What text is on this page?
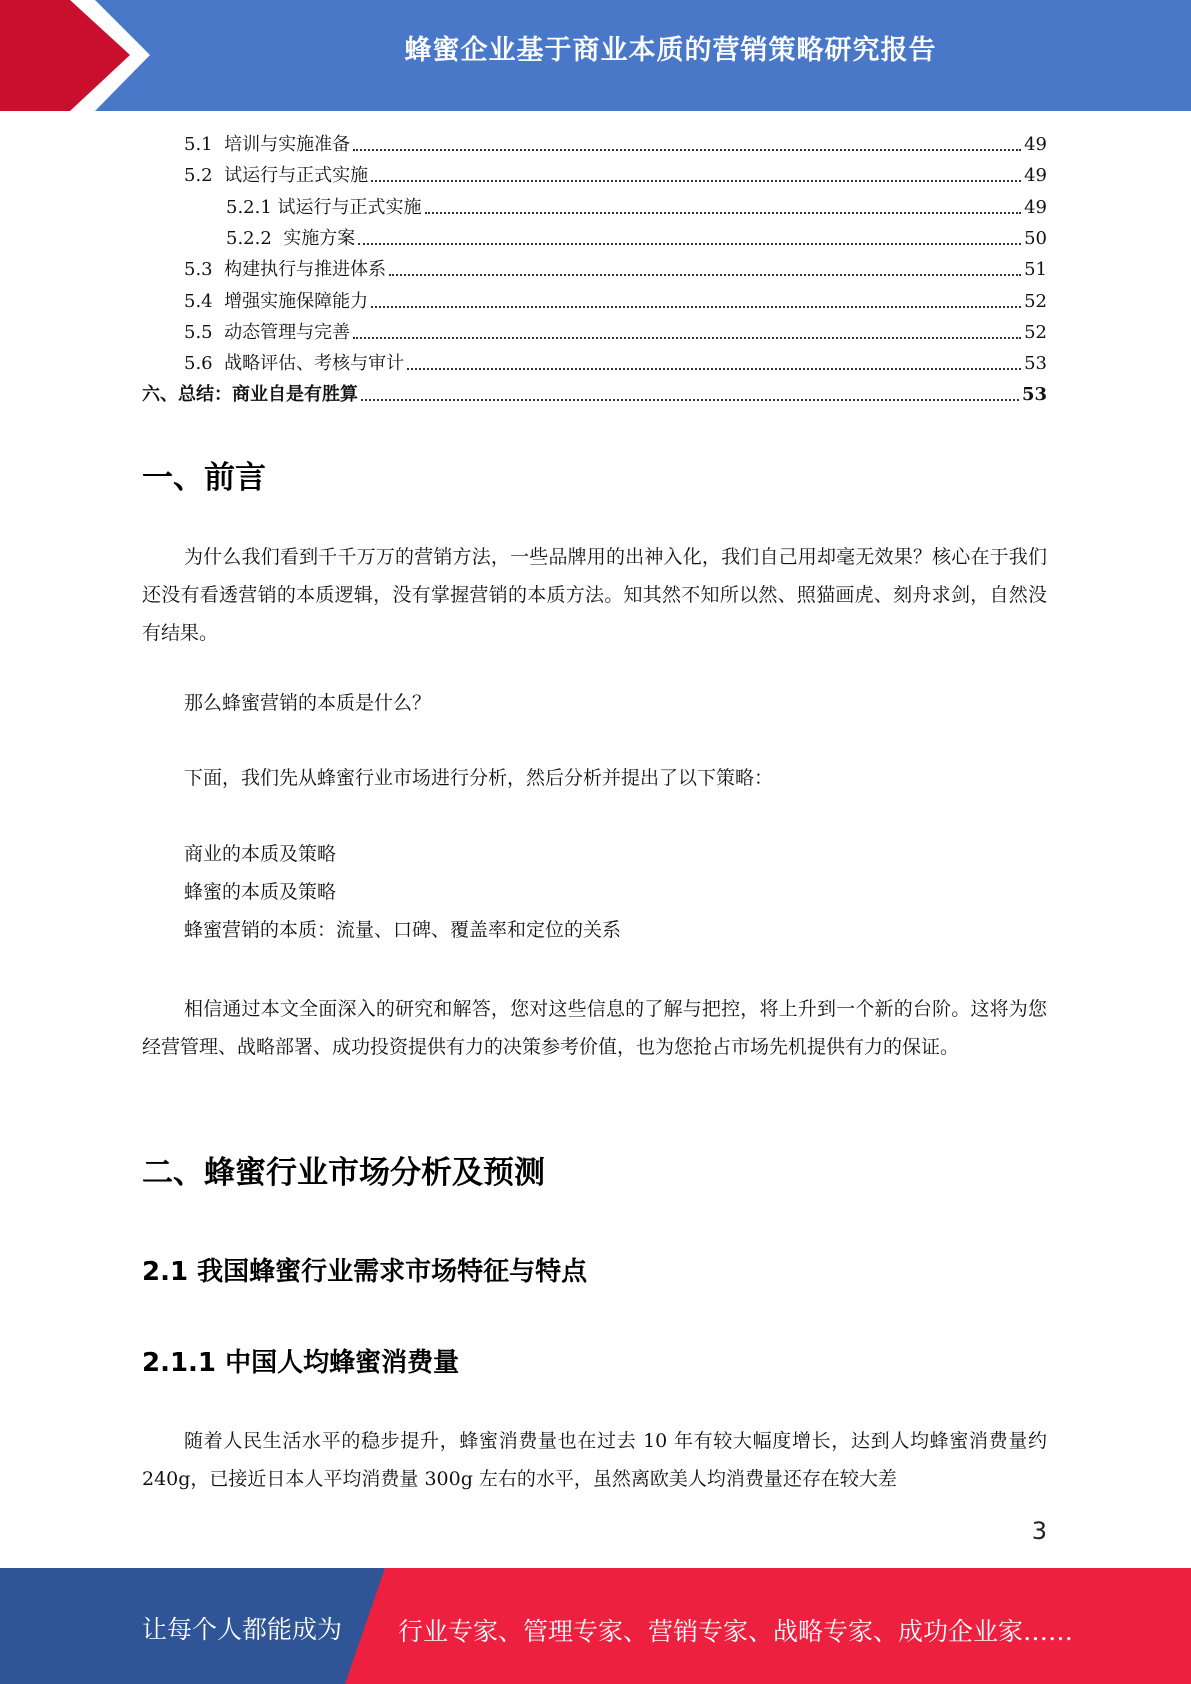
蜂蜜企业基于商业本质的营销策略研究报告
5.1  培训与实施准备	49
5.2  试运行与正式实施	49
5.2.1 试运行与正式实施	49
5.2.2  实施方案	50
5.3  构建执行与推进体系	51
5.4  增强实施保障能力	52
5.5  动态管理与完善	52
5.6  战略评估、考核与审计	53
六、总结：商业自是有胜算	53
一、前言
为什么我们看到千千万万的营销方法，一些品牌用的出神入化，我们自己用却毫无效果？核心在于我们还没有看透营销的本质逻辑，没有掌握营销的本质方法。知其然不知所以然、照猫画虎、刻舟求剑，自然没有结果。
那么蜂蜜营销的本质是什么？
下面，我们先从蜂蜜行业市场进行分析，然后分析并提出了以下策略：
商业的本质及策略
蜂蜜的本质及策略
蜂蜜营销的本质：流量、口碑、覆盖率和定位的关系
相信通过本文全面深入的研究和解答，您对这些信息的了解与把控，将上升到一个新的台阶。这将为您经营管理、战略部署、成功投资提供有力的决策参考价值，也为您抢占市场先机提供有力的保证。
二、蜂蜜行业市场分析及预测
2.1 我国蜂蜜行业需求市场特征与特点
2.1.1 中国人均蜂蜜消费量
随着人民生活水平的稳步提升，蜂蜜消费量也在过去 10 年有较大幅度增长，达到人均蜂蜜消费量约 240g，已接近日本人平均消费量 300g 左右的水平，虽然离欧美人均消费量还存在较大差
3
让每个人都能成为 行业专家、管理专家、营销专家、战略专家、成功企业家……
